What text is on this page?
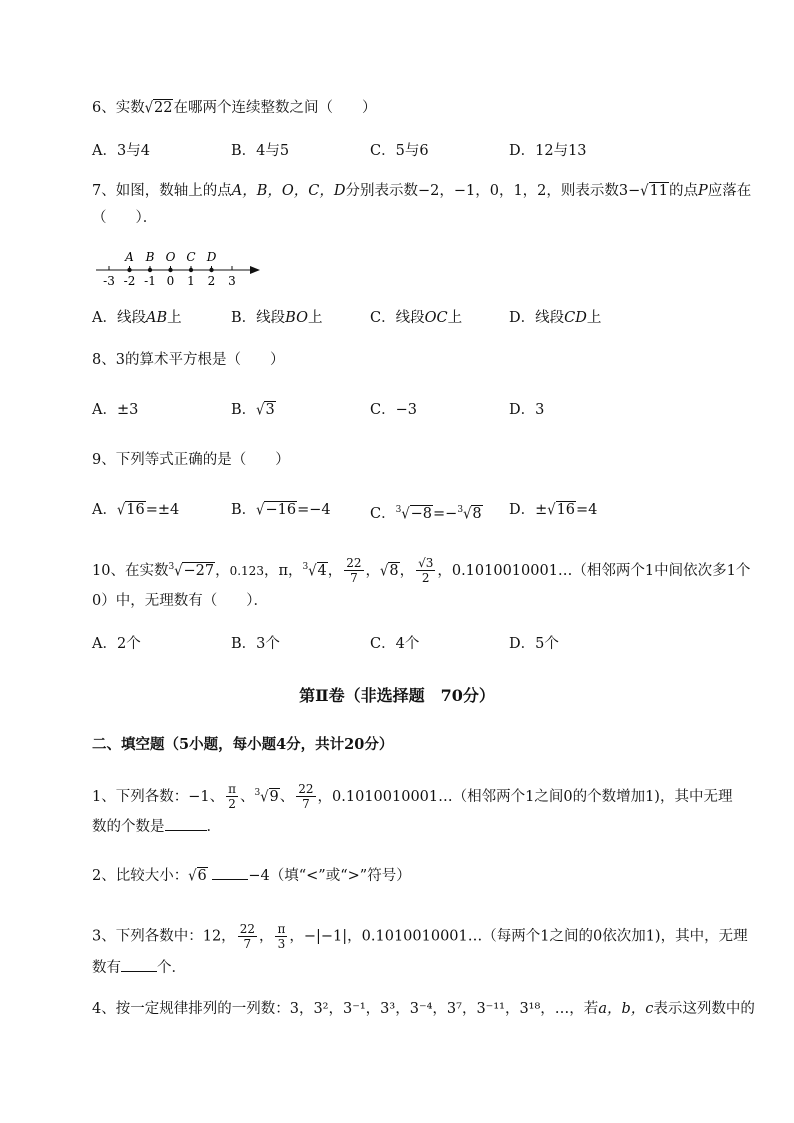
6、实数√22在哪两个连续整数之间（　　）
A．3与4	B．4与5	C．5与6	D．12与13
7、如图，数轴上的点A，B，O，C，D分别表示数−2，−1，0，1，2，则表示数3−√11的点P应落在
（　　）．
-3 -2 -1 0 1 2 3
A B O C D
A．线段AB上	B．线段BO上	C．线段OC上	D．线段CD上
8、3的算术平方根是（　　）
A．±3	B．√3	C．−3	D．3
9、下列等式正确的是（　　）
A．√16=±4	B．√−16=−4	C．$^3$√−8=−$^3$√8 D．±√16=4
10、在实数$^3$√−27，0.123，π，$^3$√4， $\frac{22}{7}$ ，√8， $\frac{√3}{2}$ ，0.1010010001…（相邻两个1中间依次多1个
0）中，无理数有（　　）．
A．2个	B．3个	C．4个	D．5个
第Ⅱ卷（非选择题　70分）
二、填空题（5小题，每小题4分，共计20分）
1、下列各数：−1、 $\frac{\pi}{2}$ 、$^3$√9、 $\frac{22}{7}$ ，0.1010010001…（相邻两个1之间0的个数增加1)，其中无理
数的个数是	．
2、比较大小：√6	−4（填“<”或“>”符号）
3、下列各数中：12， $\frac{22}{7}$ ， $\frac{\pi}{3}$ ，−|−1|，0.1010010001…（每两个1之间的0依次加1)，其中，无理
数有 个．
4、按一定规律排列的一列数：3，3²，3⁻¹，3³，3⁻⁴，3⁷，3⁻¹¹，3¹⁸，…，若a，b，c表示这列数中的
